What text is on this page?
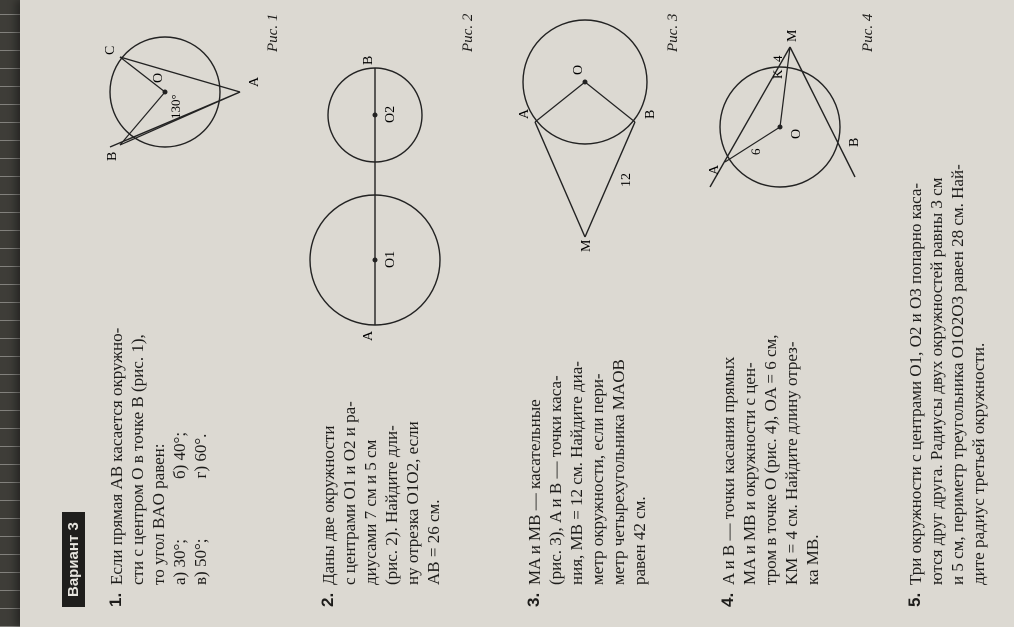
Вариант 3
1.
Если прямая AB касается окружно- сти с центром O в точке B (рис. 1), то угол BAO равен: а) 30°;
б) 40°;
в) 50°;
г) 60°.
A
B
C
O
130°
Рис. 1
2.
Даны две окружности с центрами O1 и O2 и ра- диусами 7 см и 5 см (рис. 2). Найдите дли- ну отрезка O1O2, если AB = 26 см.
A
B
O1
O2
Рис. 2
3.
MA и MB — касательные (рис. 3), A и B — точки каса- ния, MB = 12 см. Найдите диа- метр окружности, если пери- метр четырехугольника MAOB равен 42 см.
M
A	B
O
12
4.
A и B — точки касания прямых MA и MB и окружности с цен- тром в точке O (рис. 4), OA = 6 см, KM = 4 см. Найдите длину отрез- ка MB.
Рис. 3
O
A
B
M
K
6
4
Рис. 4
5.
Три окружности с центрами O1, O2 и O3 попарно каса- ются друг друга. Радиусы двух окружностей равны 3 см и 5 см, периметр треугольника O1O2O3 равен 28 см. Най- дите радиус третьей окружности.
